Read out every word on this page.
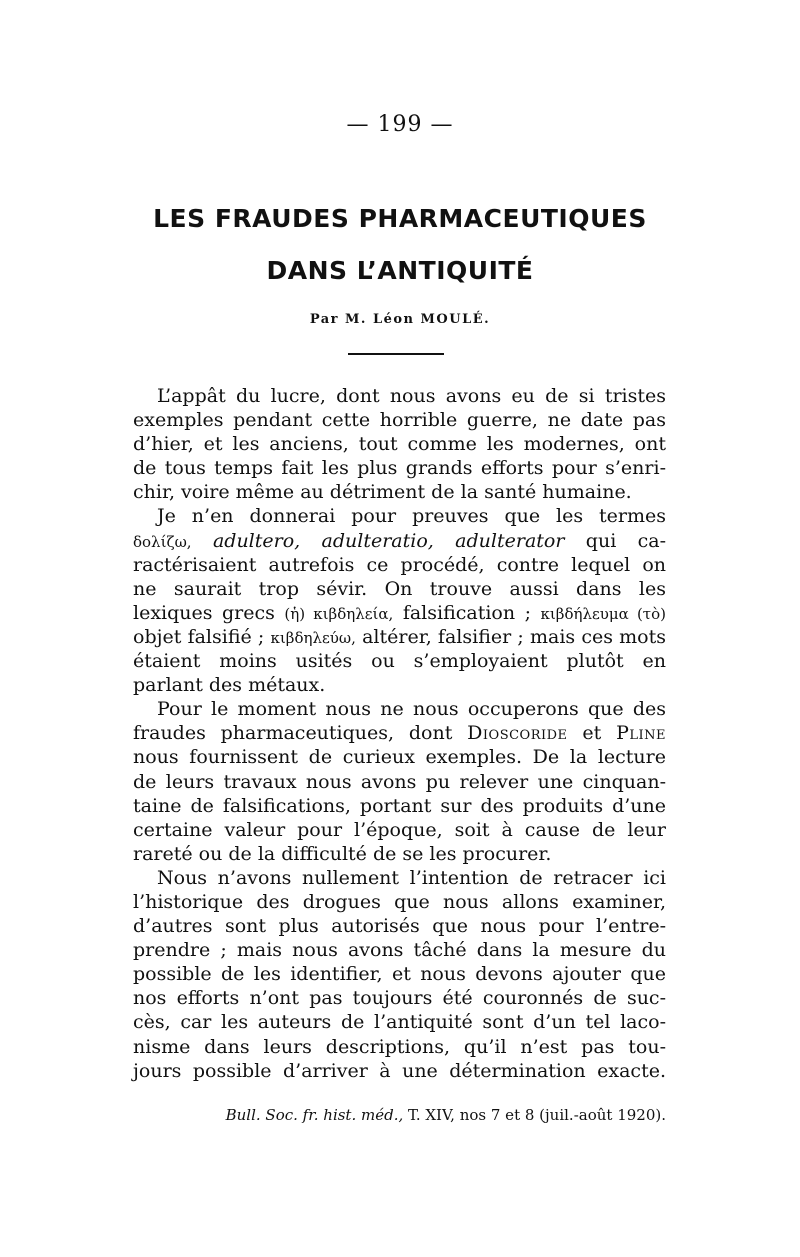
— 199 —
LES FRAUDES PHARMACEUTIQUES
DANS L’ANTIQUITÉ
Par M. Léon MOULÉ.
L’appât du lucre, dont nous avons eu de si tristes
exemples pendant cette horrible guerre, ne date pas
d’hier, et les anciens, tout comme les modernes, ont
de tous temps fait les plus grands efforts pour s’enri-
chir, voire même au détriment de la santé humaine.
Je n’en donnerai pour preuves que les termes
δολίζω, adultero, adulteratio, adulterator qui ca-
ractérisaient autrefois ce procédé, contre lequel on
ne saurait trop sévir. On trouve aussi dans les
lexiques grecs (ἡ) κιβδηλεία, falsification ; κιβδήλευμα (τὸ)
objet falsifié ; κιβδηλεύω, altérer, falsifier ; mais ces mots
étaient moins usités ou s’employaient plutôt en
parlant des métaux.
Pour le moment nous ne nous occuperons que des
fraudes pharmaceutiques, dont Dioscoride et Pline
nous fournissent de curieux exemples. De la lecture
de leurs travaux nous avons pu relever une cinquan-
taine de falsifications, portant sur des produits d’une
certaine valeur pour l’époque, soit à cause de leur
rareté ou de la difficulté de se les procurer.
Nous n’avons nullement l’intention de retracer ici
l’historique des drogues que nous allons examiner,
d’autres sont plus autorisés que nous pour l’entre-
prendre ; mais nous avons tâché dans la mesure du
possible de les identifier, et nous devons ajouter que
nos efforts n’ont pas toujours été couronnés de suc-
cès, car les auteurs de l’antiquité sont d’un tel laco-
nisme dans leurs descriptions, qu’il n’est pas tou-
jours possible d’arriver à une détermination exacte.
Bull. Soc. fr. hist. méd., T. XIV, nos 7 et 8 (juil.-août 1920).
